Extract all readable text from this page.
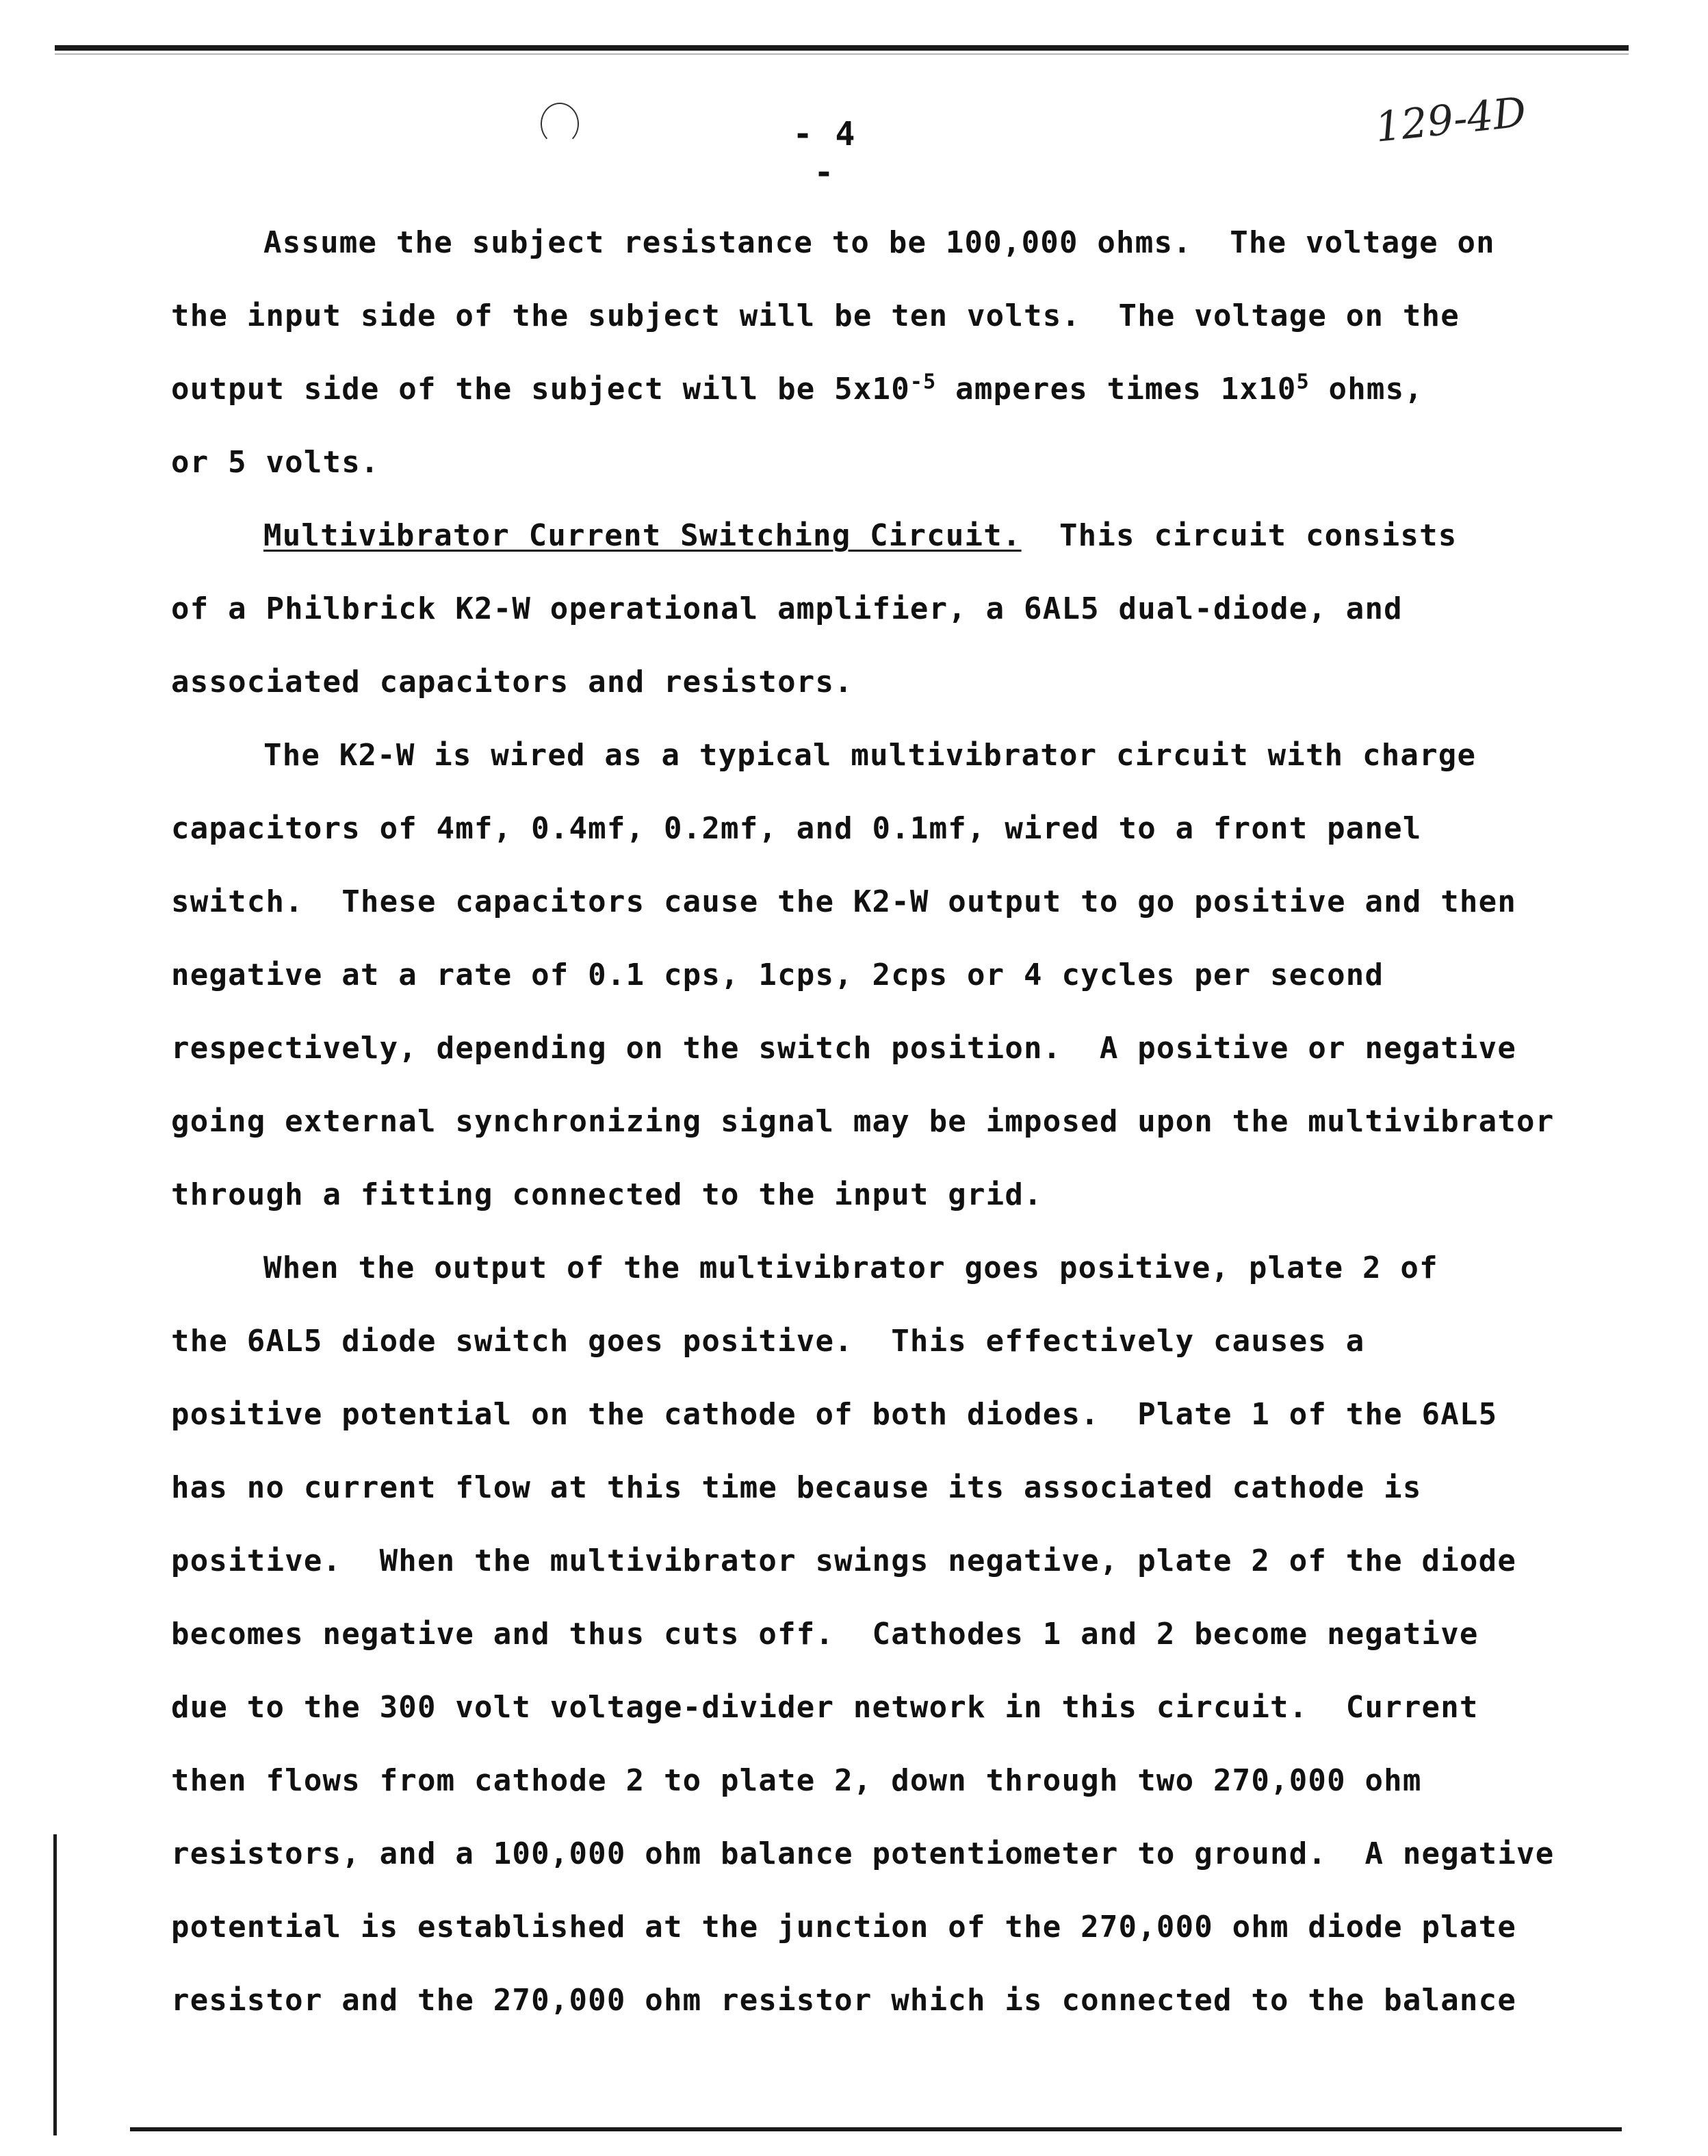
- 4 -
129-4D
Assume the subject resistance to be 100,000 ohms.  The voltage on
the input side of the subject will be ten volts.  The voltage on the
output side of the subject will be $5x10^{-5}$ amperes times $1x10^5$ ohms,
or 5 volts.
Multivibrator Current Switching Circuit.  This circuit consists
of a Philbrick K2-W operational amplifier, a 6AL5 dual-diode, and
associated capacitors and resistors.
The K2-W is wired as a typical multivibrator circuit with charge
capacitors of 4mf, 0.4mf, 0.2mf, and 0.1mf, wired to a front panel
switch.  These capacitors cause the K2-W output to go positive and then
negative at a rate of 0.1 cps, 1cps, 2cps or 4 cycles per second
respectively, depending on the switch position.  A positive or negative
going external synchronizing signal may be imposed upon the multivibrator
through a fitting connected to the input grid.
When the output of the multivibrator goes positive, plate 2 of
the 6AL5 diode switch goes positive.  This effectively causes a
positive potential on the cathode of both diodes.  Plate 1 of the 6AL5
has no current flow at this time because its associated cathode is
positive.  When the multivibrator swings negative, plate 2 of the diode
becomes negative and thus cuts off.  Cathodes 1 and 2 become negative
due to the 300 volt voltage-divider network in this circuit.  Current
then flows from cathode 2 to plate 2, down through two 270,000 ohm
resistors, and a 100,000 ohm balance potentiometer to ground.  A negative
potential is established at the junction of the 270,000 ohm diode plate
resistor and the 270,000 ohm resistor which is connected to the balance
